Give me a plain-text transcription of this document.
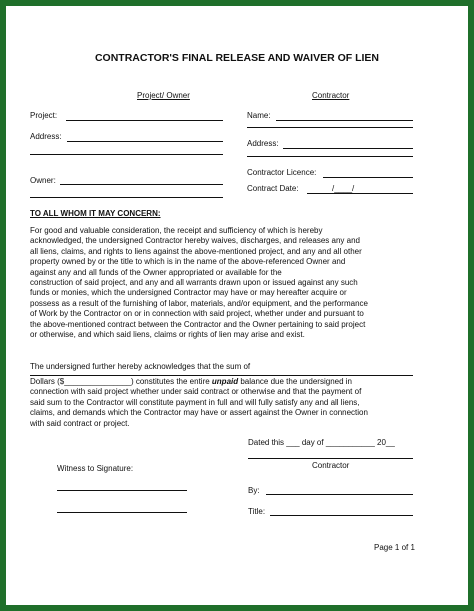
CONTRACTOR'S FINAL RELEASE AND WAIVER OF LIEN
Project/ Owner	Contractor
Project:
Address:
Owner:
Name:
Address:
Contractor Licence:
Contract Date:	/____/
TO ALL WHOM IT MAY CONCERN:
For good and valuable consideration, the receipt and sufficiency of which is hereby
acknowledged, the undersigned Contractor hereby waives, discharges, and releases any and
all liens, claims, and rights to liens against the above-mentioned project, and any and all other
property owned by or the title to which is in the name of the above-referenced Owner and
against any and all funds of the Owner appropriated or available for the
construction of said project, and any and all warrants drawn upon or issued against any such
funds or monies, which the undersigned Contractor may have or may hereafter acquire or
possess as a result of the furnishing of labor, materials, and/or equipment, and the performance
of Work by the Contractor on or in connection with said project, whether under and pursuant to
the above-mentioned contract between the Contractor and the Owner pertaining to said project
or otherwise, and which said liens, claims or rights of lien may arise and exist.
The undersigned further hereby acknowledges that the sum of
Dollars ($_______________) constitutes the entire unpaid balance due the undersigned in
connection with said project whether under said contract or otherwise and that the payment of
said sum to the Contractor will constitute payment in full and will fully satisfy any and all liens,
claims, and demands which the Contractor may have or assert against the Owner in connection
with said contract or project.
Dated this ___ day of ___________ 20__
Contractor
Witness to Signature:
By:
Title:
Page 1 of 1
